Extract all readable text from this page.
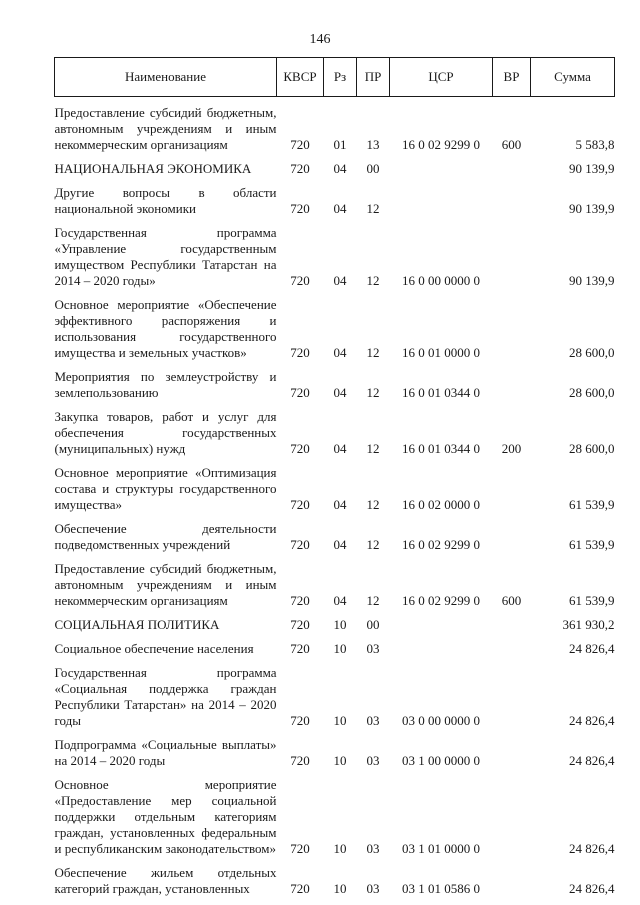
146
Наименование	КВСР	Рз	ПР	ЦСР	ВР	Сумма

Предоставление субсидий бюджетным, автономным учреждениям и иным некоммерческим организациям	720	01	13	16 0 02 9299 0	600	5 583,8

НАЦИОНАЛЬНАЯ ЭКОНОМИКА	720	04	00			90 139,9

Другие вопросы в области национальной экономики	720	04	12			90 139,9

Государственная программа «Управление государственным имуществом Республики Татарстан на 2014 – 2020 годы»	720	04	12	16 0 00 0000 0		90 139,9

Основное мероприятие «Обеспечение эффективного распоряжения и использования государственного имущества и земельных участков»	720	04	12	16 0 01 0000 0		28 600,0

Мероприятия по землеустройству и землепользованию	720	04	12	16 0 01 0344 0		28 600,0

Закупка товаров, работ и услуг для обеспечения государственных (муниципальных) нужд	720	04	12	16 0 01 0344 0	200	28 600,0

Основное мероприятие «Оптимизация состава и структуры государственного имущества»	720	04	12	16 0 02 0000 0		61 539,9

Обеспечение деятельности подведомственных учреждений	720	04	12	16 0 02 9299 0		61 539,9

Предоставление субсидий бюджетным, автономным учреждениям и иным некоммерческим организациям	720	04	12	16 0 02 9299 0	600	61 539,9

СОЦИАЛЬНАЯ ПОЛИТИКА	720	10	00			361 930,2

Социальное обеспечение населения	720	10	03			24 826,4

Государственная программа «Социальная поддержка граждан Республики Татарстан» на 2014 – 2020 годы	720	10	03	03 0 00 0000 0		24 826,4

Подпрограмма «Социальные выплаты» на 2014 – 2020 годы	720	10	03	03 1 00 0000 0		24 826,4

Основное мероприятие «Предоставление мер социальной поддержки отдельным категориям граждан, установленных федеральным и республиканским законодательством»	720	10	03	03 1 01 0000 0		24 826,4

Обеспечение жильем отдельных категорий граждан, установленных	720	10	03	03 1 01 0586 0		24 826,4
